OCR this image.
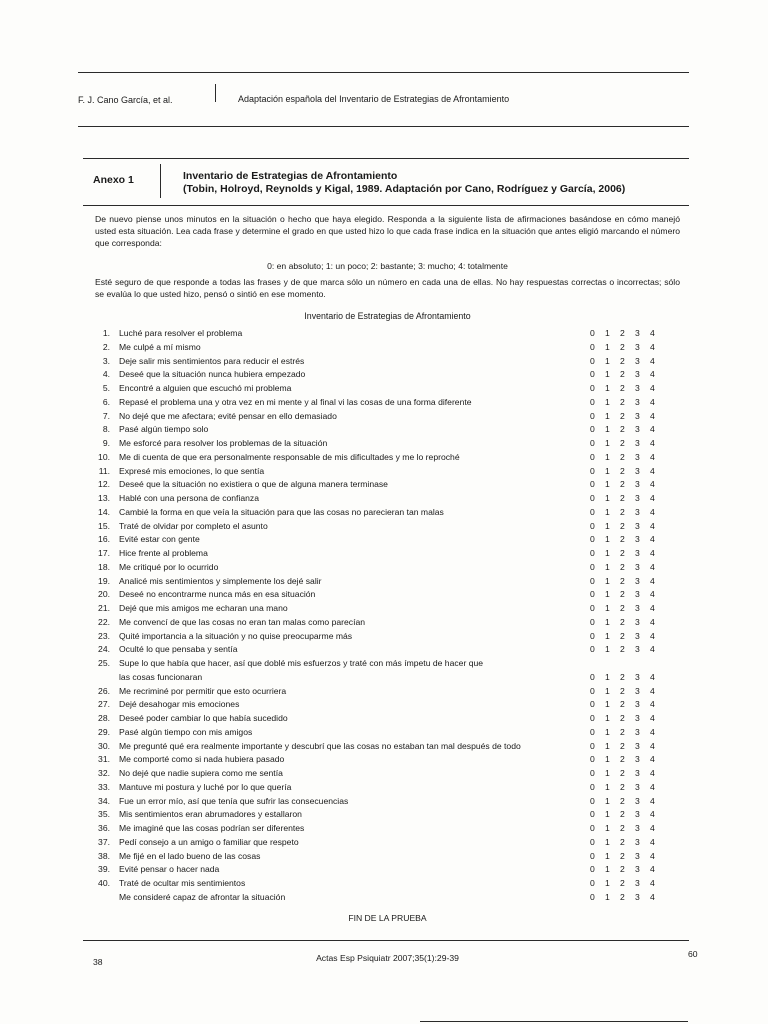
F. J. Cano García, et al.	Adaptación española del Inventario de Estrategias de Afrontamiento
Anexo 1	Inventario de Estrategias de Afrontamiento
(Tobin, Holroyd, Reynolds y Kigal, 1989. Adaptación por Cano, Rodríguez y García, 2006)
De nuevo piense unos minutos en la situación o hecho que haya elegido. Responda a la siguiente lista de afirmaciones basándose en cómo manejó usted esta situación. Lea cada frase y determine el grado en que usted hizo lo que cada frase indica en la situación que antes eligió marcando el número que corresponda:
0: en absoluto; 1: un poco; 2: bastante; 3: mucho; 4: totalmente
Esté seguro de que responde a todas las frases y de que marca sólo un número en cada una de ellas. No hay respuestas correctas o incorrectas; sólo se evalúa lo que usted hizo, pensó o sintió en ese momento.
Inventario de Estrategias de Afrontamiento
1. Luché para resolver el problema	0 1 2 3 4
2. Me culpé a mí mismo	0 1 2 3 4
3. Deje salir mis sentimientos para reducir el estrés	0 1 2 3 4
4. Deseé que la situación nunca hubiera empezado	0 1 2 3 4
5. Encontré a alguien que escuchó mi problema	0 1 2 3 4
6. Repasé el problema una y otra vez en mi mente y al final vi las cosas de una forma diferente	0 1 2 3 4
7. No dejé que me afectara; evité pensar en ello demasiado	0 1 2 3 4
8. Pasé algún tiempo solo	0 1 2 3 4
9. Me esforcé para resolver los problemas de la situación	0 1 2 3 4
10. Me di cuenta de que era personalmente responsable de mis dificultades y me lo reproché	0 1 2 3 4
11. Expresé mis emociones, lo que sentía	0 1 2 3 4
12. Deseé que la situación no existiera o que de alguna manera terminase	0 1 2 3 4
13. Hablé con una persona de confianza	0 1 2 3 4
14. Cambié la forma en que veía la situación para que las cosas no parecieran tan malas	0 1 2 3 4
15. Traté de olvidar por completo el asunto	0 1 2 3 4
16. Evité estar con gente	0 1 2 3 4
17. Hice frente al problema	0 1 2 3 4
18. Me critiqué por lo ocurrido	0 1 2 3 4
19. Analicé mis sentimientos y simplemente los dejé salir	0 1 2 3 4
20. Deseé no encontrarme nunca más en esa situación	0 1 2 3 4
21. Dejé que mis amigos me echaran una mano	0 1 2 3 4
22. Me convencí de que las cosas no eran tan malas como parecían	0 1 2 3 4
23. Quité importancia a la situación y no quise preocuparme más	0 1 2 3 4
24. Oculté lo que pensaba y sentía	0 1 2 3 4
25. Supe lo que había que hacer, así que doblé mis esfuerzos y traté con más ímpetu de hacer que
las cosas funcionaran	0 1 2 3 4
26. Me recriminé por permitir que esto ocurriera	0 1 2 3 4
27. Dejé desahogar mis emociones	0 1 2 3 4
28. Deseé poder cambiar lo que había sucedido	0 1 2 3 4
29. Pasé algún tiempo con mis amigos	0 1 2 3 4
30. Me pregunté qué era realmente importante y descubrí que las cosas no estaban tan mal después de todo	0 1 2 3 4
31. Me comporté como si nada hubiera pasado	0 1 2 3 4
32. No dejé que nadie supiera como me sentía	0 1 2 3 4
33. Mantuve mi postura y luché por lo que quería	0 1 2 3 4
34. Fue un error mío, así que tenía que sufrir las consecuencias	0 1 2 3 4
35. Mis sentimientos eran abrumadores y estallaron	0 1 2 3 4
36. Me imaginé que las cosas podrían ser diferentes	0 1 2 3 4
37. Pedí consejo a un amigo o familiar que respeto	0 1 2 3 4
38. Me fijé en el lado bueno de las cosas	0 1 2 3 4
39. Evité pensar o hacer nada	0 1 2 3 4
40. Traté de ocultar mis sentimientos	0 1 2 3 4
Me consideré capaz de afrontar la situación	0 1 2 3 4
FIN DE LA PRUEBA
38	Actas Esp Psiquiatr 2007;35(1):29-39	60
